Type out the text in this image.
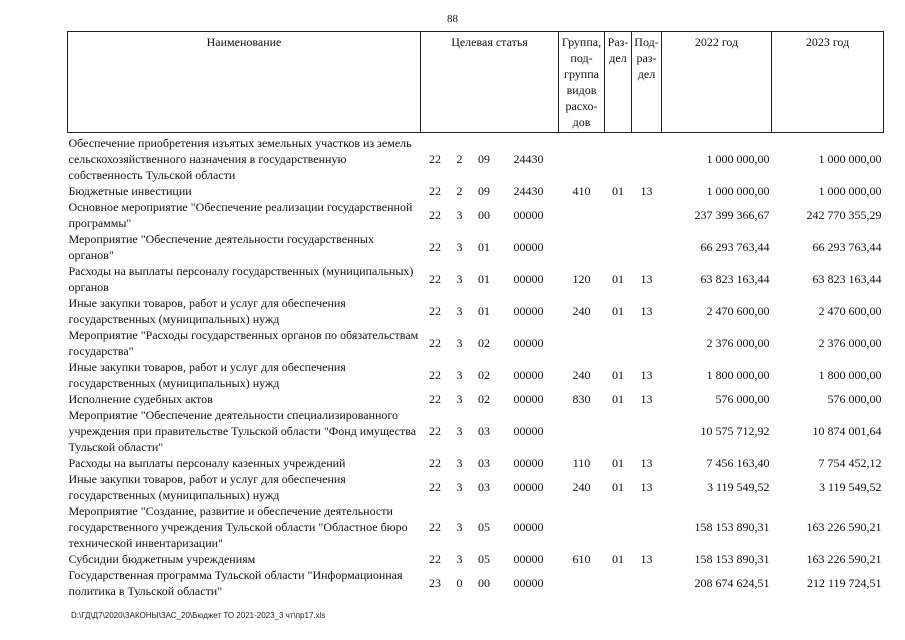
88
Наименование	Целевая статья				Группа, под- группа видов расхо- дов	Раз- дел	Под- раз- дел	2022 год	2023 год
Обеспечение приобретения изъятых земельных участков из земель сельскохозяйственного назначения в государственную собственность Тульской области	22	2	09	24430				1 000 000,00	1 000 000,00
Бюджетные инвестиции	22	2	09	24430	410	01	13	1 000 000,00	1 000 000,00
Основное мероприятие "Обеспечение реализации государственной программы"	22	3	00	00000				237 399 366,67	242 770 355,29
Мероприятие "Обеспечение деятельности государственных органов"	22	3	01	00000				66 293 763,44	66 293 763,44
Расходы на выплаты персоналу государственных (муниципальных) органов	22	3	01	00000	120	01	13	63 823 163,44	63 823 163,44
Иные закупки товаров, работ и услуг для обеспечения государственных (муниципальных) нужд	22	3	01	00000	240	01	13	2 470 600,00	2 470 600,00
Мероприятие "Расходы государственных органов по обязательствам государства"	22	3	02	00000				2 376 000,00	2 376 000,00
Иные закупки товаров, работ и услуг для обеспечения государственных (муниципальных) нужд	22	3	02	00000	240	01	13	1 800 000,00	1 800 000,00
Исполнение судебных актов	22	3	02	00000	830	01	13	576 000,00	576 000,00
Мероприятие "Обеспечение деятельности специализированного учреждения при правительстве Тульской области "Фонд имущества Тульской области"	22	3	03	00000				10 575 712,92	10 874 001,64
Расходы на выплаты персоналу казенных учреждений	22	3	03	00000	110	01	13	7 456 163,40	7 754 452,12
Иные закупки товаров, работ и услуг для обеспечения государственных (муниципальных) нужд	22	3	03	00000	240	01	13	3 119 549,52	3 119 549,52
Мероприятие "Создание, развитие и обеспечение деятельности государственного учреждения Тульской области "Областное бюро технической инвентаризации"	22	3	05	00000				158 153 890,31	163 226 590,21
Субсидии бюджетным учреждениям	22	3	05	00000	610	01	13	158 153 890,31	163 226 590,21
Государственная программа Тульской области "Информационная политика в Тульской области"	23	0	00	00000				208 674 624,51	212 119 724,51
D:\ГД\Д7\2020\ЗАКОНЫ\ЗАС_20\Бюджет ТО 2021-2023_3 чт\пр17.xls
